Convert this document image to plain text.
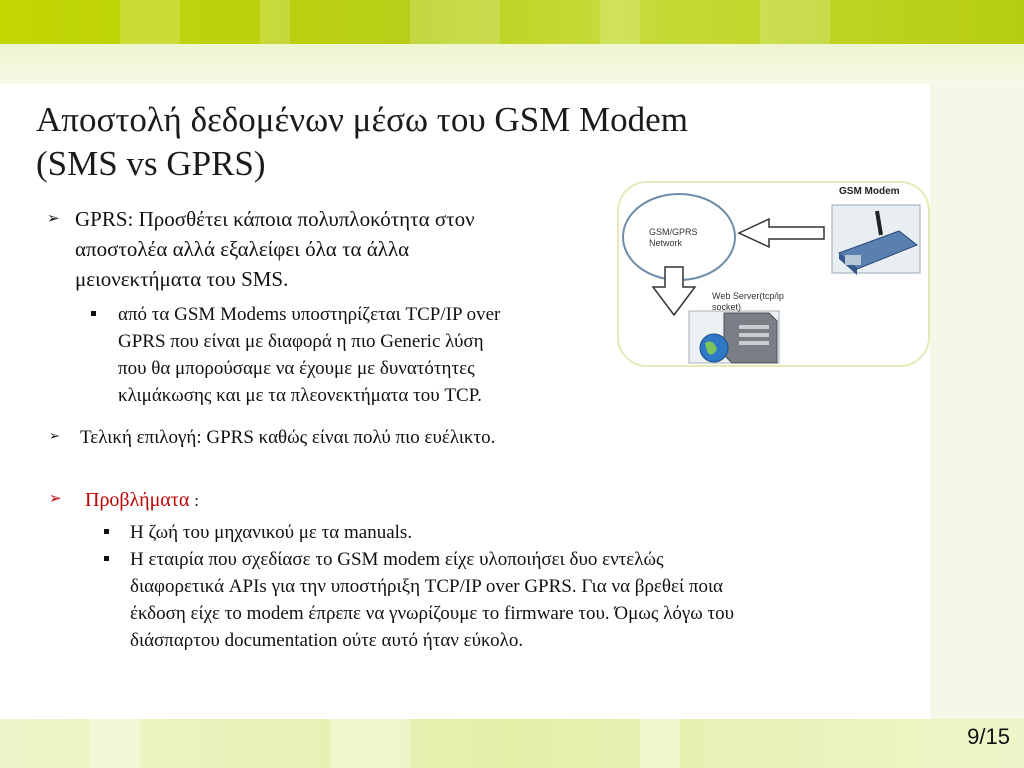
9/15
Αποστολή δεδομένων μέσω του GSM Modem
(SMS vs GPRS)
➢ GPRS: Προσθέτει κάποια πολυπλοκότητα στον
αποστολέα αλλά εξαλείφει όλα τα άλλα
μειονεκτήματα του SMS.
από τα GSM Modems υποστηρίζεται TCP/IP over
GPRS που είναι με διαφορά η πιο Generic λύση
που θα μπορούσαμε να έχουμε με δυνατότητες
κλιμάκωσης και με τα πλεονεκτήματα του TCP.
➢ Τελική επιλογή: GPRS καθώς είναι πολύ πιο ευέλικτο.
➢ Προβλήματα :
Η ζωή του μηχανικού με τα manuals.
Η εταιρία που σχεδίασε το GSM modem είχε υλοποιήσει δυο εντελώς
διαφορετικά APIs για την υποστήριξη TCP/IP over GPRS. Για να βρεθεί ποια
έκδοση είχε το modem έπρεπε να γνωρίζουμε το firmware του. Όμως λόγω του
διάσπαρτου documentation ούτε αυτό ήταν εύκολο.
GSM Modem
GSM/GPRS
Network
Web Server(tcp/ip
socket)
